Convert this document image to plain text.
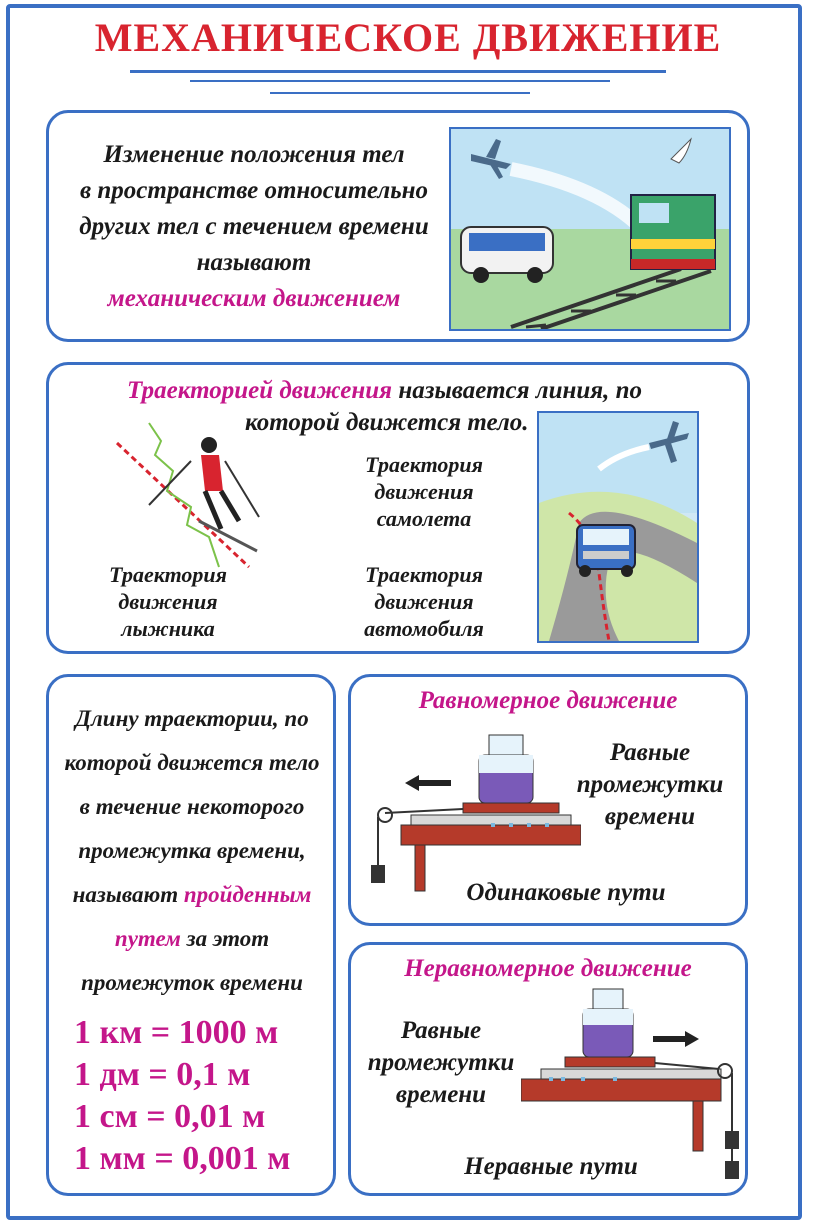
МЕХАНИЧЕСКОЕ ДВИЖЕНИЕ
Изменение положения тел
в пространстве относительно
других тел с течением времени
называют
механическим движением
Траекторией движения называется линия, по
которой движется тело.
Траектория
движения
лыжника
Траектория
движения
самолета
Траектория
движения
автомобиля
Длину траектории, по
которой движется тело
в течение некоторого
промежутка времени,
называют пройденным
путем за этот
промежуток времени
1 км = 1000 м
1 дм = 0,1 м
1 см = 0,01 м
1 мм = 0,001 м
Равномерное движение
Равные
промежутки
времени
Одинаковые пути
Неравномерное движение
Равные
промежутки
времени
Неравные пути
